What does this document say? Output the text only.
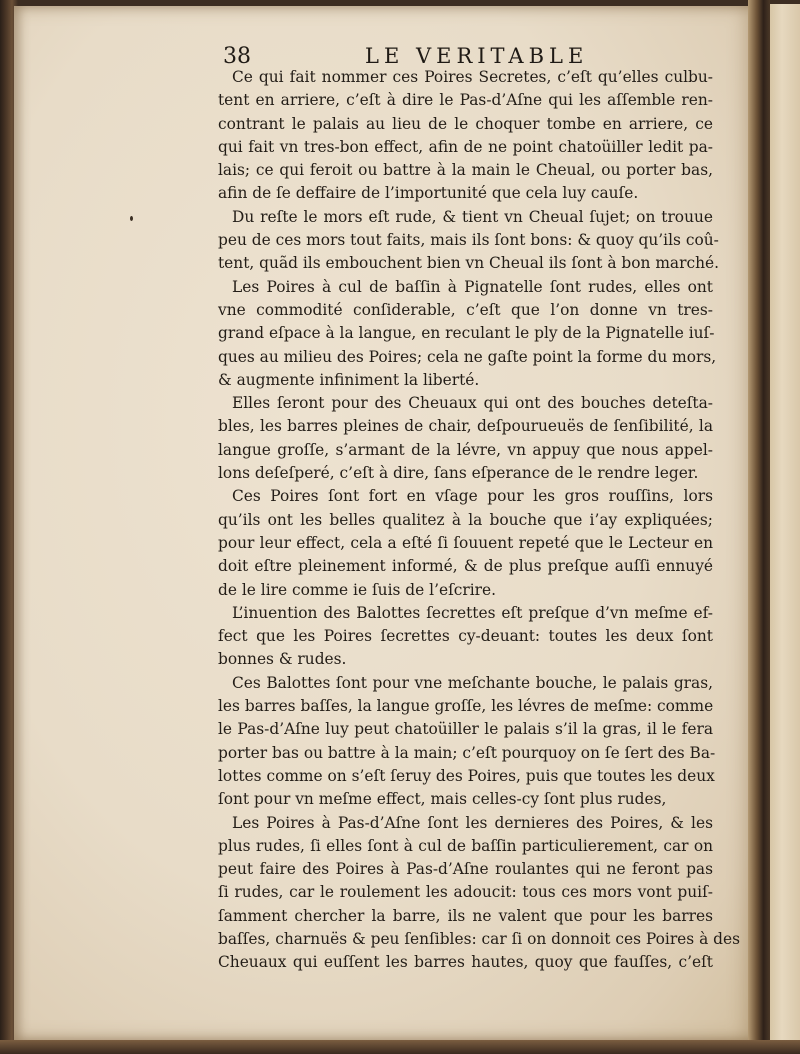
38	LE VERITABLE
Ce qui fait nommer ces Poires Secretes, c’eſt qu’elles culbu-
tent en arriere, c’eſt à dire le Pas-d’Aſne qui les aſſemble ren-
contrant le palais au lieu de le choquer tombe en arriere, ce
qui fait vn tres-bon effect, afin de ne point chatoüiller ledit pa-
lais; ce qui feroit ou battre à la main le Cheual, ou porter bas,
afin de ſe deffaire de l’importunité que cela luy cauſe.
Du reſte le mors eſt rude, & tient vn Cheual ſujet; on trouue
peu de ces mors tout faits, mais ils ſont bons: & quoy qu’ils coû-
tent, quãd ils embouchent bien vn Cheual ils ſont à bon marché.
Les Poires à cul de baſſin à Pignatelle ſont rudes, elles ont
vne commodité conſiderable, c’eſt que l’on donne vn tres-
grand eſpace à la langue, en reculant le ply de la Pignatelle iuſ-
ques au milieu des Poires; cela ne gaſte point la forme du mors,
& augmente infiniment la liberté.
Elles ſeront pour des Cheuaux qui ont des bouches deteſta-
bles, les barres pleines de chair, deſpourueuës de ſenſibilité, la
langue groſſe, s’armant de la lévre, vn appuy que nous appel-
lons deſeſperé, c’eſt à dire, ſans eſperance de le rendre leger.
Ces Poires ſont fort en vſage pour les gros rouſſins, lors
qu’ils ont les belles qualitez à la bouche que i’ay expliquées;
pour leur effect, cela a eſté ſi ſouuent repeté que le Lecteur en
doit eſtre pleinement informé, & de plus preſque auſſi ennuyé
de le lire comme ie ſuis de l’eſcrire.
L’inuention des Balottes ſecrettes eſt preſque d’vn meſme ef-
fect que les Poires ſecrettes cy-deuant: toutes les deux ſont
bonnes & rudes.
Ces Balottes ſont pour vne meſchante bouche, le palais gras,
les barres baſſes, la langue groſſe, les lévres de meſme: comme
le Pas-d’Aſne luy peut chatoüiller le palais s’il la gras, il le fera
porter bas ou battre à la main; c’eſt pourquoy on ſe ſert des Ba-
lottes comme on s’eſt ſeruy des Poires, puis que toutes les deux
ſont pour vn meſme effect, mais celles-cy ſont plus rudes,
Les Poires à Pas-d’Aſne ſont les dernieres des Poires, & les
plus rudes, ſi elles ſont à cul de baſſin particulierement, car on
peut faire des Poires à Pas-d’Aſne roulantes qui ne feront pas
ſi rudes, car le roulement les adoucit: tous ces mors vont puiſ-
ſamment chercher la barre, ils ne valent que pour les barres
baſſes, charnuës & peu ſenſibles: car ſi on donnoit ces Poires à des
Cheuaux qui euſſent les barres hautes, quoy que fauſſes, c’eſt
